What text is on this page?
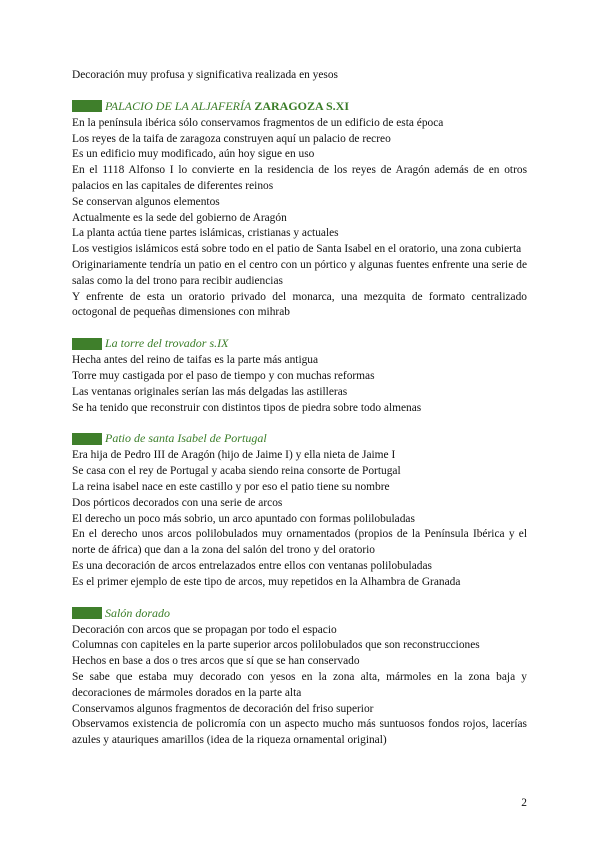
Decoración muy profusa y significativa realizada en yesos

PALACIO DE LA ALJAFERÍA ZARAGOZA S.XI

En la península ibérica sólo conservamos fragmentos de un edificio de esta época

Los reyes de la taifa de zaragoza construyen aquí un palacio de recreo

Es un edificio muy modificado, aún hoy sigue en uso

En el 1118 Alfonso I lo convierte en la residencia de los reyes de Aragón además de en otros palacios en las capitales de diferentes reinos

Se conservan algunos elementos

Actualmente es la sede del gobierno de Aragón

La planta actúa tiene partes islámicas, cristianas y actuales

Los vestigios islámicos está sobre todo en el patio de Santa Isabel en el oratorio, una zona cubierta

Originariamente tendría un patio en el centro con un pórtico y algunas fuentes enfrente una serie de salas como la del trono para recibir audiencias

Y enfrente de esta un oratorio privado del monarca, una mezquita de formato centralizado octogonal de pequeñas dimensiones con mihrab

La torre del trovador s.IX

Hecha antes del reino de taifas es la parte más antigua

Torre muy castigada por el paso de tiempo y con muchas reformas

Las ventanas originales serían las más delgadas las astilleras

Se ha tenido que reconstruir con distintos tipos de piedra sobre todo almenas

Patio de santa Isabel de Portugal

Era hija de Pedro III de Aragón (hijo de Jaime I) y ella nieta de Jaime I

Se casa con el rey de Portugal y acaba siendo reina consorte de Portugal

La reina isabel nace en este castillo y por eso el patio tiene su nombre

Dos pórticos decorados con una serie de arcos

El derecho un poco más sobrio, un arco apuntado con formas polilobuladas

En el derecho unos arcos polilobulados muy ornamentados (propios de la Península Ibérica y el norte de áfrica) que dan a la zona del salón del trono y del oratorio

Es una decoración de arcos entrelazados entre ellos con ventanas polilobuladas

Es el primer ejemplo de este tipo de arcos, muy repetidos en la Alhambra de Granada

Salón dorado

Decoración con arcos que se propagan por todo el espacio

Columnas con capiteles en la parte superior arcos polilobulados que son reconstrucciones

Hechos en base a dos o tres arcos que sí que se han conservado

Se sabe que estaba muy decorado con yesos en la zona alta, mármoles en la zona baja y decoraciones de mármoles dorados en la parte alta

Conservamos algunos fragmentos de decoración del friso superior

Observamos existencia de policromía con un aspecto mucho más suntuosos fondos rojos, lacerías azules y atauriques amarillos (idea de la riqueza ornamental original)

2
